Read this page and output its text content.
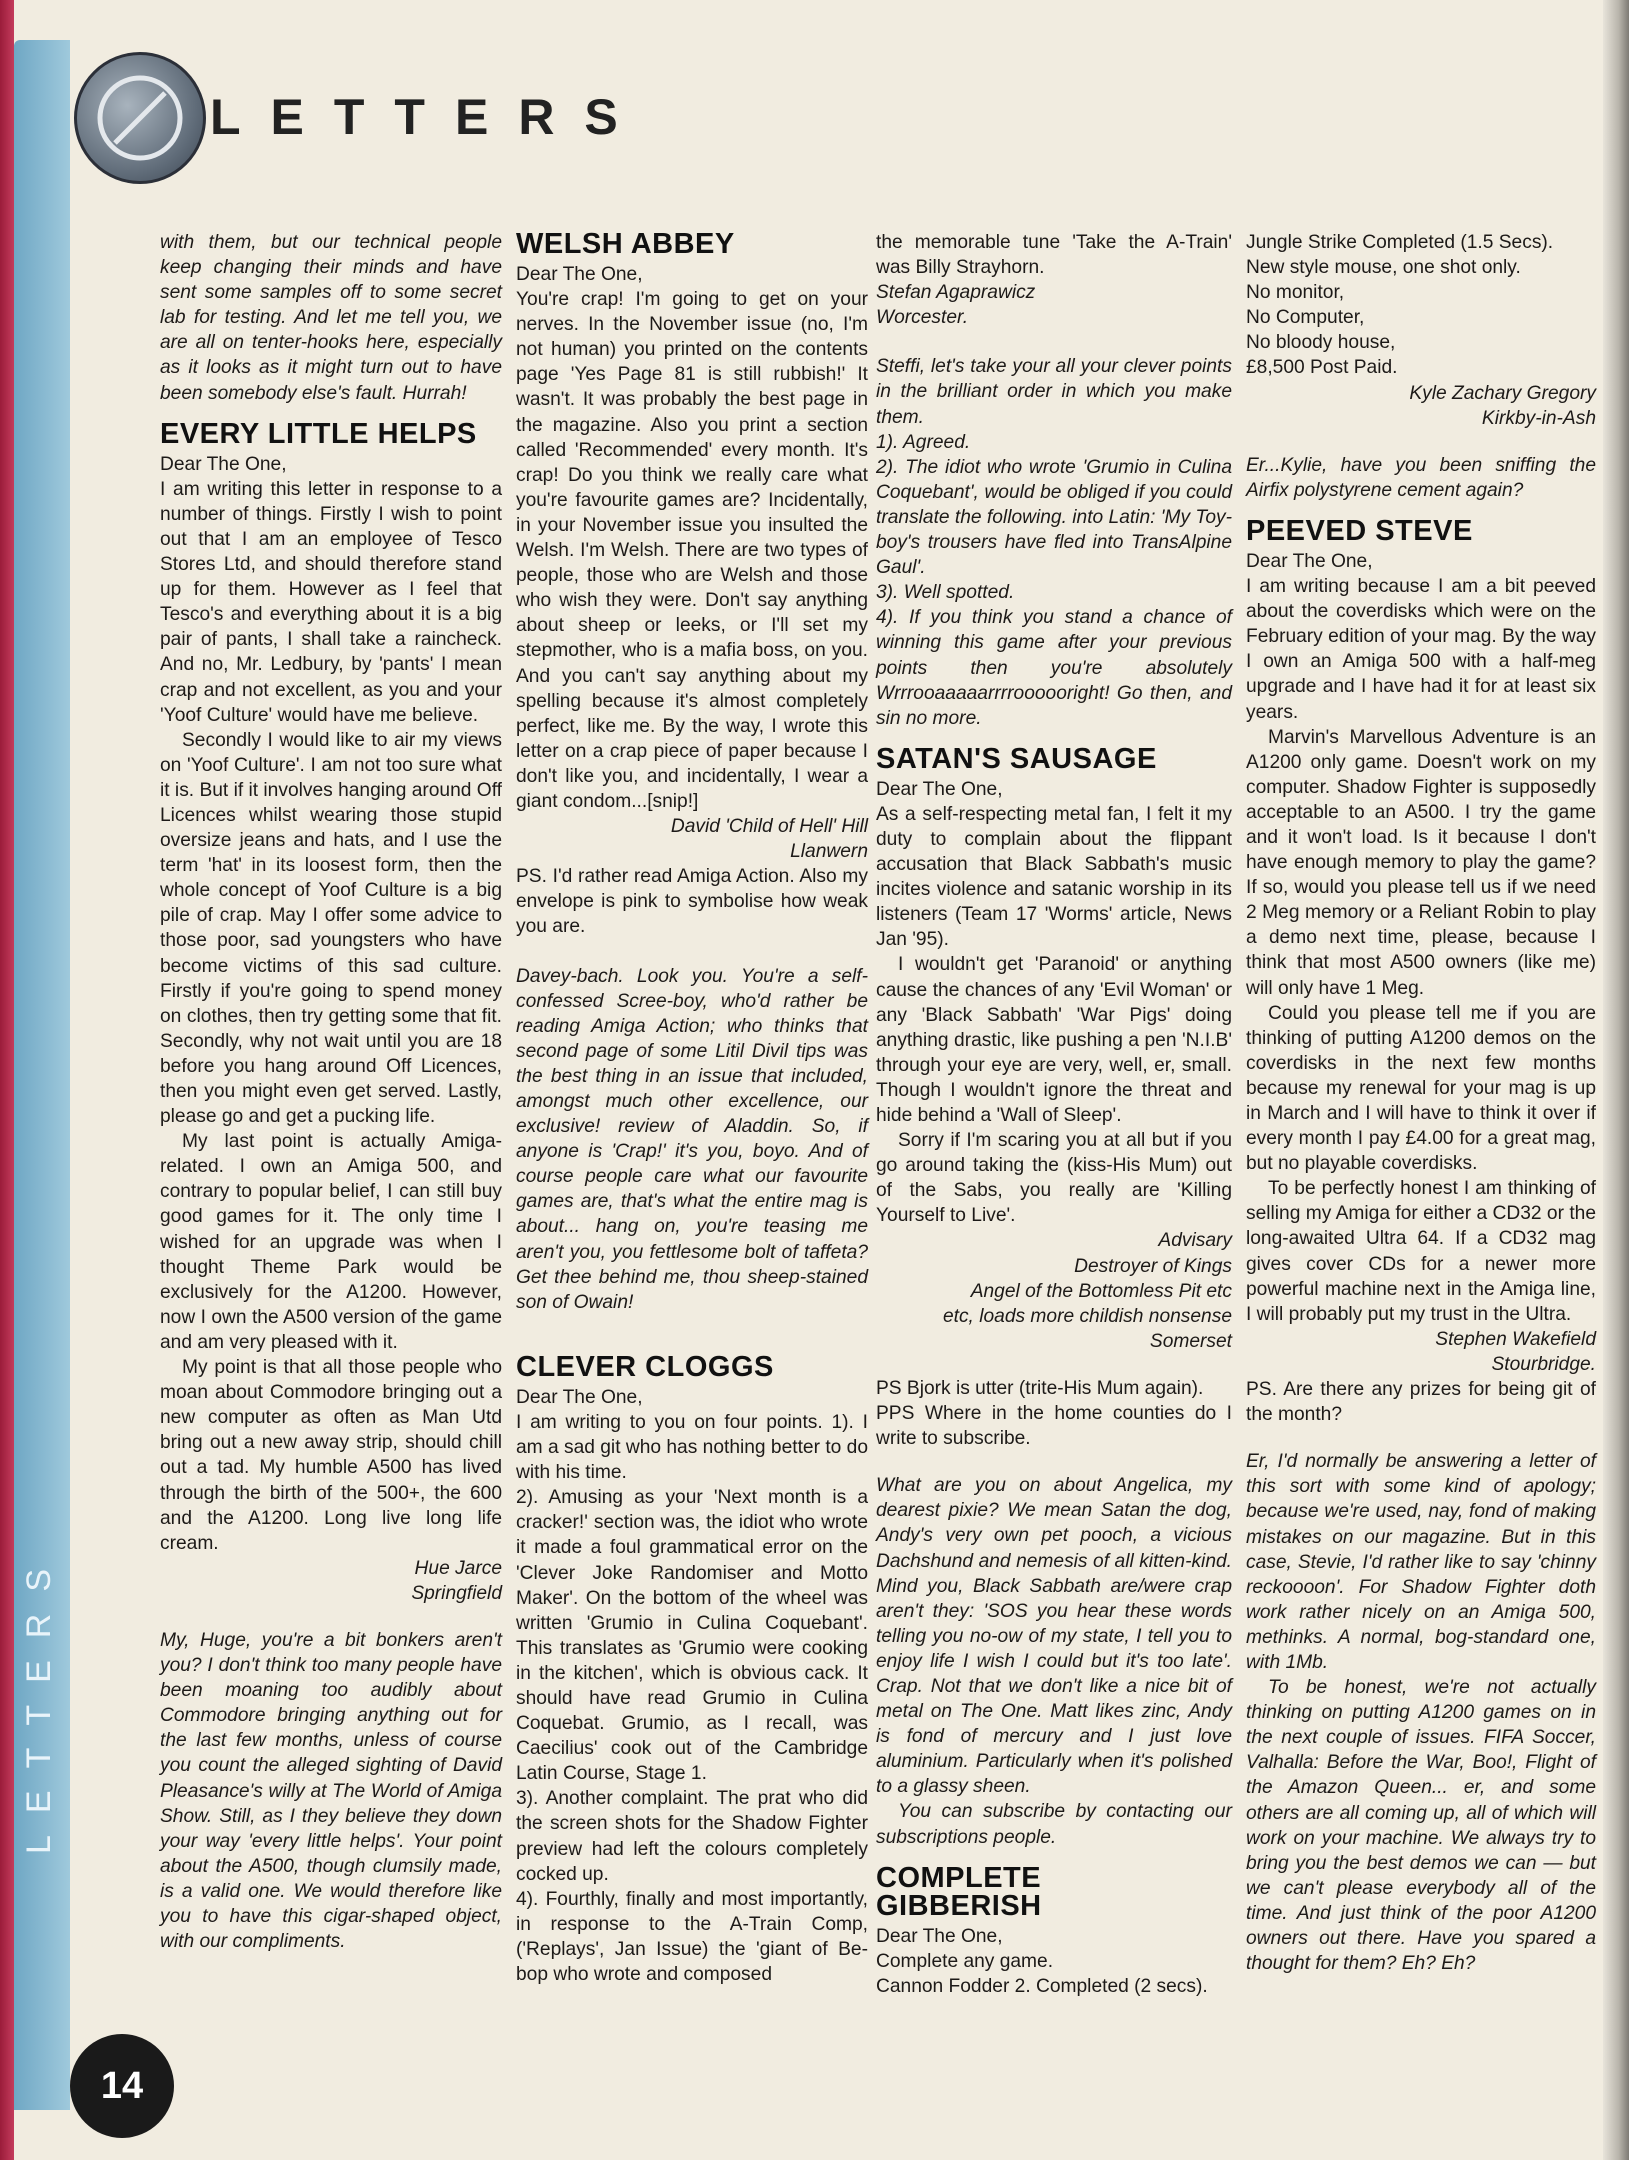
LETTERS
LETTERS
14

with them, but our technical people keep changing their minds and have sent some samples off to some secret lab for testing. And let me tell you, we are all on tenter-hooks here, especially as it looks as it might turn out to have been somebody else's fault. Hurrah!

EVERY LITTLE HELPS

Dear The One,

I am writing this letter in response to a number of things. Firstly I wish to point out that I am an employee of Tesco Stores Ltd, and should therefore stand up for them. However as I feel that Tesco's and everything about it is a big pair of pants, I shall take a raincheck. And no, Mr. Ledbury, by 'pants' I mean crap and not excellent, as you and your 'Yoof Culture' would have me believe.

Secondly I would like to air my views on 'Yoof Culture'. I am not too sure what it is. But if it involves hanging around Off Licences whilst wearing those stupid oversize jeans and hats, and I use the term 'hat' in its loosest form, then the whole concept of Yoof Culture is a big pile of crap. May I offer some advice to those poor, sad youngsters who have become victims of this sad culture. Firstly if you're going to spend money on clothes, then try getting some that fit. Secondly, why not wait until you are 18 before you hang around Off Licences, then you might even get served. Lastly, please go and get a pucking life.

My last point is actually Amiga-related. I own an Amiga 500, and contrary to popular belief, I can still buy good games for it. The only time I wished for an upgrade was when I thought Theme Park would be exclusively for the A1200. However, now I own the A500 version of the game and am very pleased with it.

My point is that all those people who moan about Commodore bringing out a new computer as often as Man Utd bring out a new away strip, should chill out a tad. My humble A500 has lived through the birth of the 500+, the 600 and the A1200. Long live long life cream.

Hue Jarce

Springfield

My, Huge, you're a bit bonkers aren't you? I don't think too many people have been moaning too audibly about Commodore bringing anything out for the last few months, unless of course you count the alleged sighting of David Pleasance's willy at The World of Amiga Show. Still, as I they believe they down your way 'every little helps'. Your point about the A500, though clumsily made, is a valid one. We would therefore like you to have this cigar-shaped object, with our compliments.

WELSH ABBEY

Dear The One,

You're crap! I'm going to get on your nerves. In the November issue (no, I'm not human) you printed on the contents page 'Yes Page 81 is still rubbish!' It wasn't. It was probably the best page in the magazine. Also you print a section called 'Recommended' every month. It's crap! Do you think we really care what you're favourite games are? Incidentally, in your November issue you insulted the Welsh. I'm Welsh. There are two types of people, those who are Welsh and those who wish they were. Don't say anything about sheep or leeks, or I'll set my stepmother, who is a mafia boss, on you. And you can't say anything about my spelling because it's almost completely perfect, like me. By the way, I wrote this letter on a crap piece of paper because I don't like you, and incidentally, I wear a giant condom...[snip!]

David 'Child of Hell' Hill

Llanwern

PS. I'd rather read Amiga Action. Also my envelope is pink to symbolise how weak you are.

Davey-bach. Look you. You're a self-confessed Scree-boy, who'd rather be reading Amiga Action; who thinks that second page of some Litil Divil tips was the best thing in an issue that included, amongst much other excellence, our exclusive! review of Aladdin. So, if anyone is 'Crap!' it's you, boyo. And of course people care what our favourite games are, that's what the entire mag is about... hang on, you're teasing me aren't you, you fettlesome bolt of taffeta? Get thee behind me, thou sheep-stained son of Owain!

CLEVER CLOGGS

Dear The One,

I am writing to you on four points. 1). I am a sad git who has nothing better to do with his time.

2). Amusing as your 'Next month is a cracker!' section was, the idiot who wrote it made a foul grammatical error on the 'Clever Joke Randomiser and Motto Maker'. On the bottom of the wheel was written 'Grumio in Culina Coquebant'. This translates as 'Grumio were cooking in the kitchen', which is obvious cack. It should have read Grumio in Culina Coquebat. Grumio, as I recall, was Caecilius' cook out of the Cambridge Latin Course, Stage 1.

3). Another complaint. The prat who did the screen shots for the Shadow Fighter preview had left the colours completely cocked up.

4). Fourthly, finally and most importantly, in response to the A-Train Comp, ('Replays', Jan Issue) the 'giant of Be-bop who wrote and composed

the memorable tune 'Take the A-Train' was Billy Strayhorn.

Stefan Agaprawicz

Worcester.

Steffi, let's take your all your clever points in the brilliant order in which you make them.

1). Agreed.

2). The idiot who wrote 'Grumio in Culina Coquebant', would be obliged if you could translate the following. into Latin: 'My Toy-boy's trousers have fled into TransAlpine Gaul'.

3). Well spotted.

4). If you think you stand a chance of winning this game after your previous points then you're absolutely Wrrrooaaaaarrrroooooright! Go then, and sin no more.

SATAN'S SAUSAGE

Dear The One,

As a self-respecting metal fan, I felt it my duty to complain about the flippant accusation that Black Sabbath's music incites violence and satanic worship in its listeners (Team 17 'Worms' article, News Jan '95).

I wouldn't get 'Paranoid' or anything cause the chances of any 'Evil Woman' or any 'Black Sabbath' 'War Pigs' doing anything drastic, like pushing a pen 'N.I.B' through your eye are very, well, er, small. Though I wouldn't ignore the threat and hide behind a 'Wall of Sleep'.

Sorry if I'm scaring you at all but if you go around taking the (kiss-His Mum) out of the Sabs, you really are 'Killing Yourself to Live'.

Advisary

Destroyer of Kings

Angel of the Bottomless Pit etc

etc, loads more childish nonsense

Somerset

PS Bjork is utter (trite-His Mum again).

PPS Where in the home counties do I write to subscribe.

What are you on about Angelica, my dearest pixie? We mean Satan the dog, Andy's very own pet pooch, a vicious Dachshund and nemesis of all kitten-kind. Mind you, Black Sabbath are/were crap aren't they: 'SOS you hear these words telling you no-ow of my state, I tell you to enjoy life I wish I could but it's too late'. Crap. Not that we don't like a nice bit of metal on The One. Matt likes zinc, Andy is fond of mercury and I just love aluminium. Particularly when it's polished to a glassy sheen.

You can subscribe by contacting our subscriptions people.

COMPLETE
GIBBERISH

Dear The One,

Complete any game.

Cannon Fodder 2. Completed (2 secs).

Jungle Strike Completed (1.5 Secs).

New style mouse, one shot only.

No monitor,

No Computer,

No bloody house,

£8,500 Post Paid.

Kyle Zachary Gregory

Kirkby-in-Ash

Er...Kylie, have you been sniffing the Airfix polystyrene cement again?

PEEVED STEVE

Dear The One,

I am writing because I am a bit peeved about the coverdisks which were on the February edition of your mag. By the way I own an Amiga 500 with a half-meg upgrade and I have had it for at least six years.

Marvin's Marvellous Adventure is an A1200 only game. Doesn't work on my computer. Shadow Fighter is supposedly acceptable to an A500. I try the game and it won't load. Is it because I don't have enough memory to play the game? If so, would you please tell us if we need 2 Meg memory or a Reliant Robin to play a demo next time, please, because I think that most A500 owners (like me) will only have 1 Meg.

Could you please tell me if you are thinking of putting A1200 demos on the coverdisks in the next few months because my renewal for your mag is up in March and I will have to think it over if every month I pay £4.00 for a great mag, but no playable coverdisks.

To be perfectly honest I am thinking of selling my Amiga for either a CD32 or the long-awaited Ultra 64. If a CD32 mag gives cover CDs for a newer more powerful machine next in the Amiga line, I will probably put my trust in the Ultra.

Stephen Wakefield

Stourbridge.

PS. Are there any prizes for being git of the month?

Er, I'd normally be answering a letter of this sort with some kind of apology; because we're used, nay, fond of making mistakes on our magazine. But in this case, Stevie, I'd rather like to say 'chinny reckoooon'. For Shadow Fighter doth work rather nicely on an Amiga 500, methinks. A normal, bog-standard one, with 1Mb.

To be honest, we're not actually thinking on putting A1200 games on in the next couple of issues. FIFA Soccer, Valhalla: Before the War, Boo!, Flight of the Amazon Queen... er, and some others are all coming up, all of which will work on your machine. We always try to bring you the best demos we can — but we can't please everybody all of the time. And just think of the poor A1200 owners out there. Have you spared a thought for them? Eh? Eh?
